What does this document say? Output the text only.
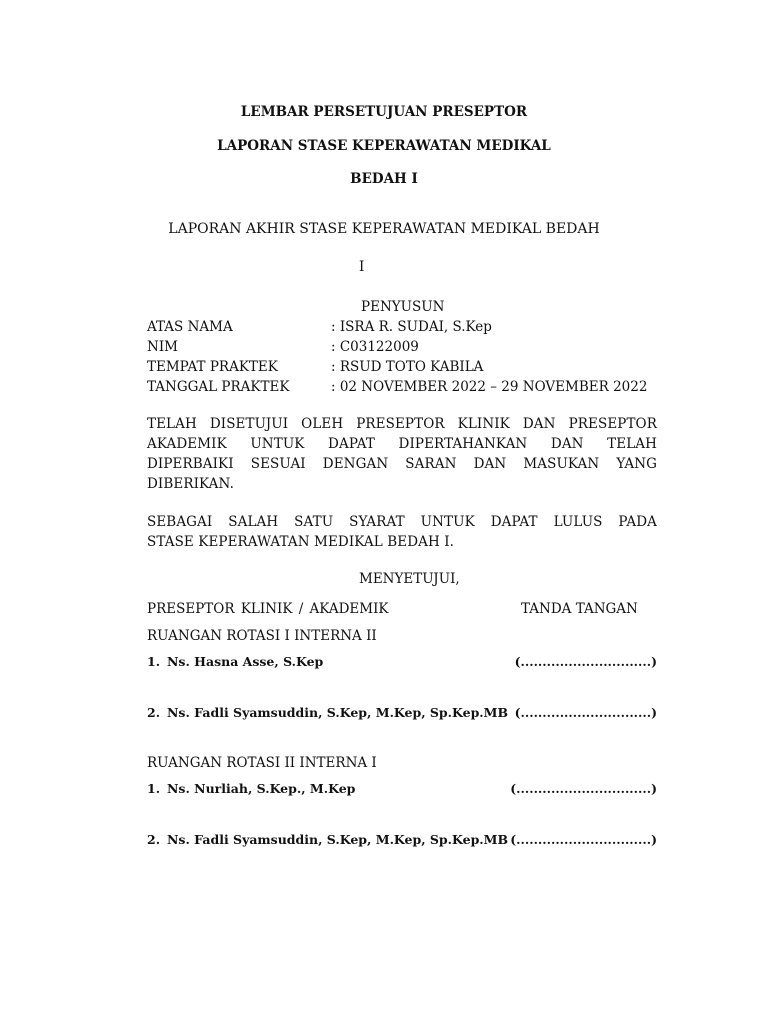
LEMBAR PERSETUJUAN PRESEPTOR
LAPORAN STASE KEPERAWATAN MEDIKAL
BEDAH I
LAPORAN AKHIR STASE KEPERAWATAN MEDIKAL BEDAH
I
PENYUSUN
ATAS NAMA	: ISRA R. SUDAI, S.Kep
NIM	: C03122009
TEMPAT PRAKTEK	: RSUD TOTO KABILA
TANGGAL PRAKTEK	: 02 NOVEMBER 2022 – 29 NOVEMBER 2022
TELAH DISETUJUI OLEH PRESEPTOR KLINIK DAN PRESEPTOR
AKADEMIK UNTUK DAPAT DIPERTAHANKAN DAN TELAH
DIPERBAIKI SESUAI DENGAN SARAN DAN MASUKAN YANG
DIBERIKAN.
SEBAGAI SALAH SATU SYARAT UNTUK DAPAT LULUS PADA
STASE KEPERAWATAN MEDIKAL BEDAH I.
MENYETUJUI,
PRESEPTOR KLINIK / AKADEMIK	TANDA TANGAN
RUANGAN ROTASI I INTERNA II
1. Ns. Hasna Asse, S.Kep	(..............................)
2. Ns. Fadli Syamsuddin, S.Kep, M.Kep, Sp.Kep.MB (..............................)
RUANGAN ROTASI II INTERNA I
1. Ns. Nurliah, S.Kep., M.Kep	(...............................)
2. Ns. Fadli Syamsuddin, S.Kep, M.Kep, Sp.Kep.MB (...............................)
